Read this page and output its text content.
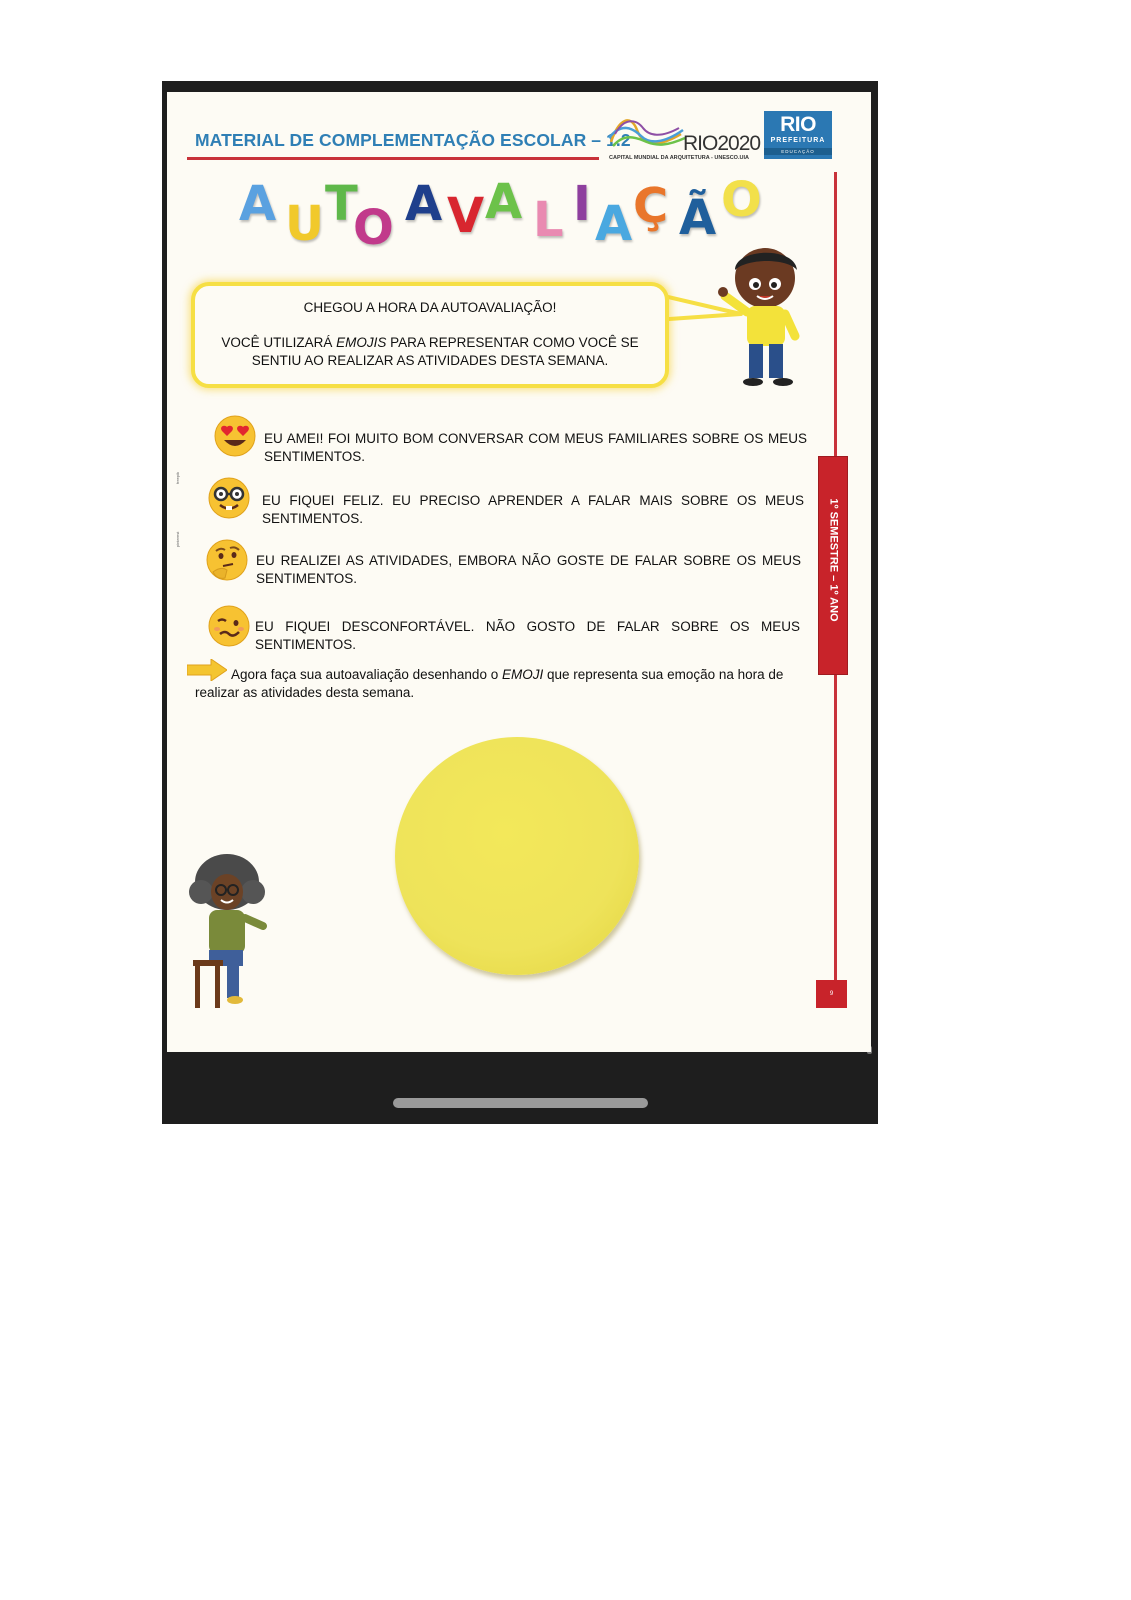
MATERIAL DE COMPLEMENTAÇÃO ESCOLAR – 1.2 RIO2020
CAPITAL MUNDIAL DA ARQUITETURA - UNESCO.UIA
RIO
PREFEITURA
EDUCAÇÃO
A U T
O A V A L I A Ç Ã O
CHEGOU A HORA DA AUTOAVALIAÇÃO!
VOCÊ UTILIZARÁ EMOJIS PARA REPRESENTAR COMO VOCÊ SE SENTIU AO REALIZAR AS ATIVIDADES DESTA SEMANA.
freepik
pinterest
EU AMEI! FOI MUITO BOM CONVERSAR COM MEUS FAMILIARES SOBRE OS MEUS SENTIMENTOS.
EU FIQUEI FELIZ. EU PRECISO APRENDER A FALAR MAIS SOBRE OS MEUS SENTIMENTOS.
EU REALIZEI AS ATIVIDADES, EMBORA NÃO GOSTE DE FALAR SOBRE OS MEUS SENTIMENTOS.
EU FIQUEI DESCONFORTÁVEL. NÃO GOSTO DE FALAR SOBRE OS MEUS SENTIMENTOS.
Agora faça sua autoavaliação desenhando o EMOJI que representa sua emoção na hora de realizar as atividades desta semana.
1º SEMESTRE – 1º ANO
9
